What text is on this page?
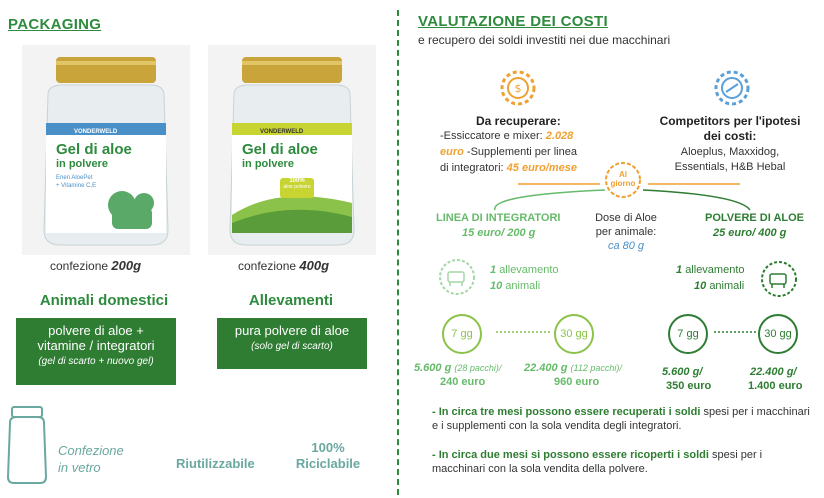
PACKAGING
VONDERWELD
Gel di aloe
in polvere
Enen AloePet
+ Vitamine C,E
confezione 200g
VONDERWELD
Gel di aloe
in polvere
100%
aloe polvere
confezione 400g
Animali domestici
polvere di aloe +
vitamine / integratori
(gel di scarto + nuovo gel)
Allevamenti
pura polvere di aloe
(solo gel di scarto)
Confezione
in vetro	Riutilizzabile
100%
Riciclabile
VALUTAZIONE DEI COSTI
e recupero dei soldi investiti nei due macchinari
$
Da recuperare:
-Essiccatore e mixer: 2.028
euro -Supplementi per linea
di integratori: 45 euro/mese
Competitors per l'ipotesi
dei costi:
Aloeplus, Maxxidog,
Essentials, H&B Hebal
Al
giorno
LINEA DI INTEGRATORI
15 euro/ 200 g
Dose di Aloe
per animale:
ca 80 g
POLVERE DI ALOE
25 euro/ 400 g
1 allevamento
10 animali
1 allevamento
10 animali
7 gg	30 gg	7 gg	30 gg
5.600 g (28 pacchi)/
240 euro
22.400 g (112 pacchi)/
960 euro
5.600 g/
350 euro
22.400 g/
1.400 euro
- In circa tre mesi possono essere recuperati i soldi spesi per i macchinari e i supplementi con la sola vendita degli integratori.
- In circa due mesi si possono essere ricoperti i soldi spesi per i macchinari con la sola vendita della polvere.
